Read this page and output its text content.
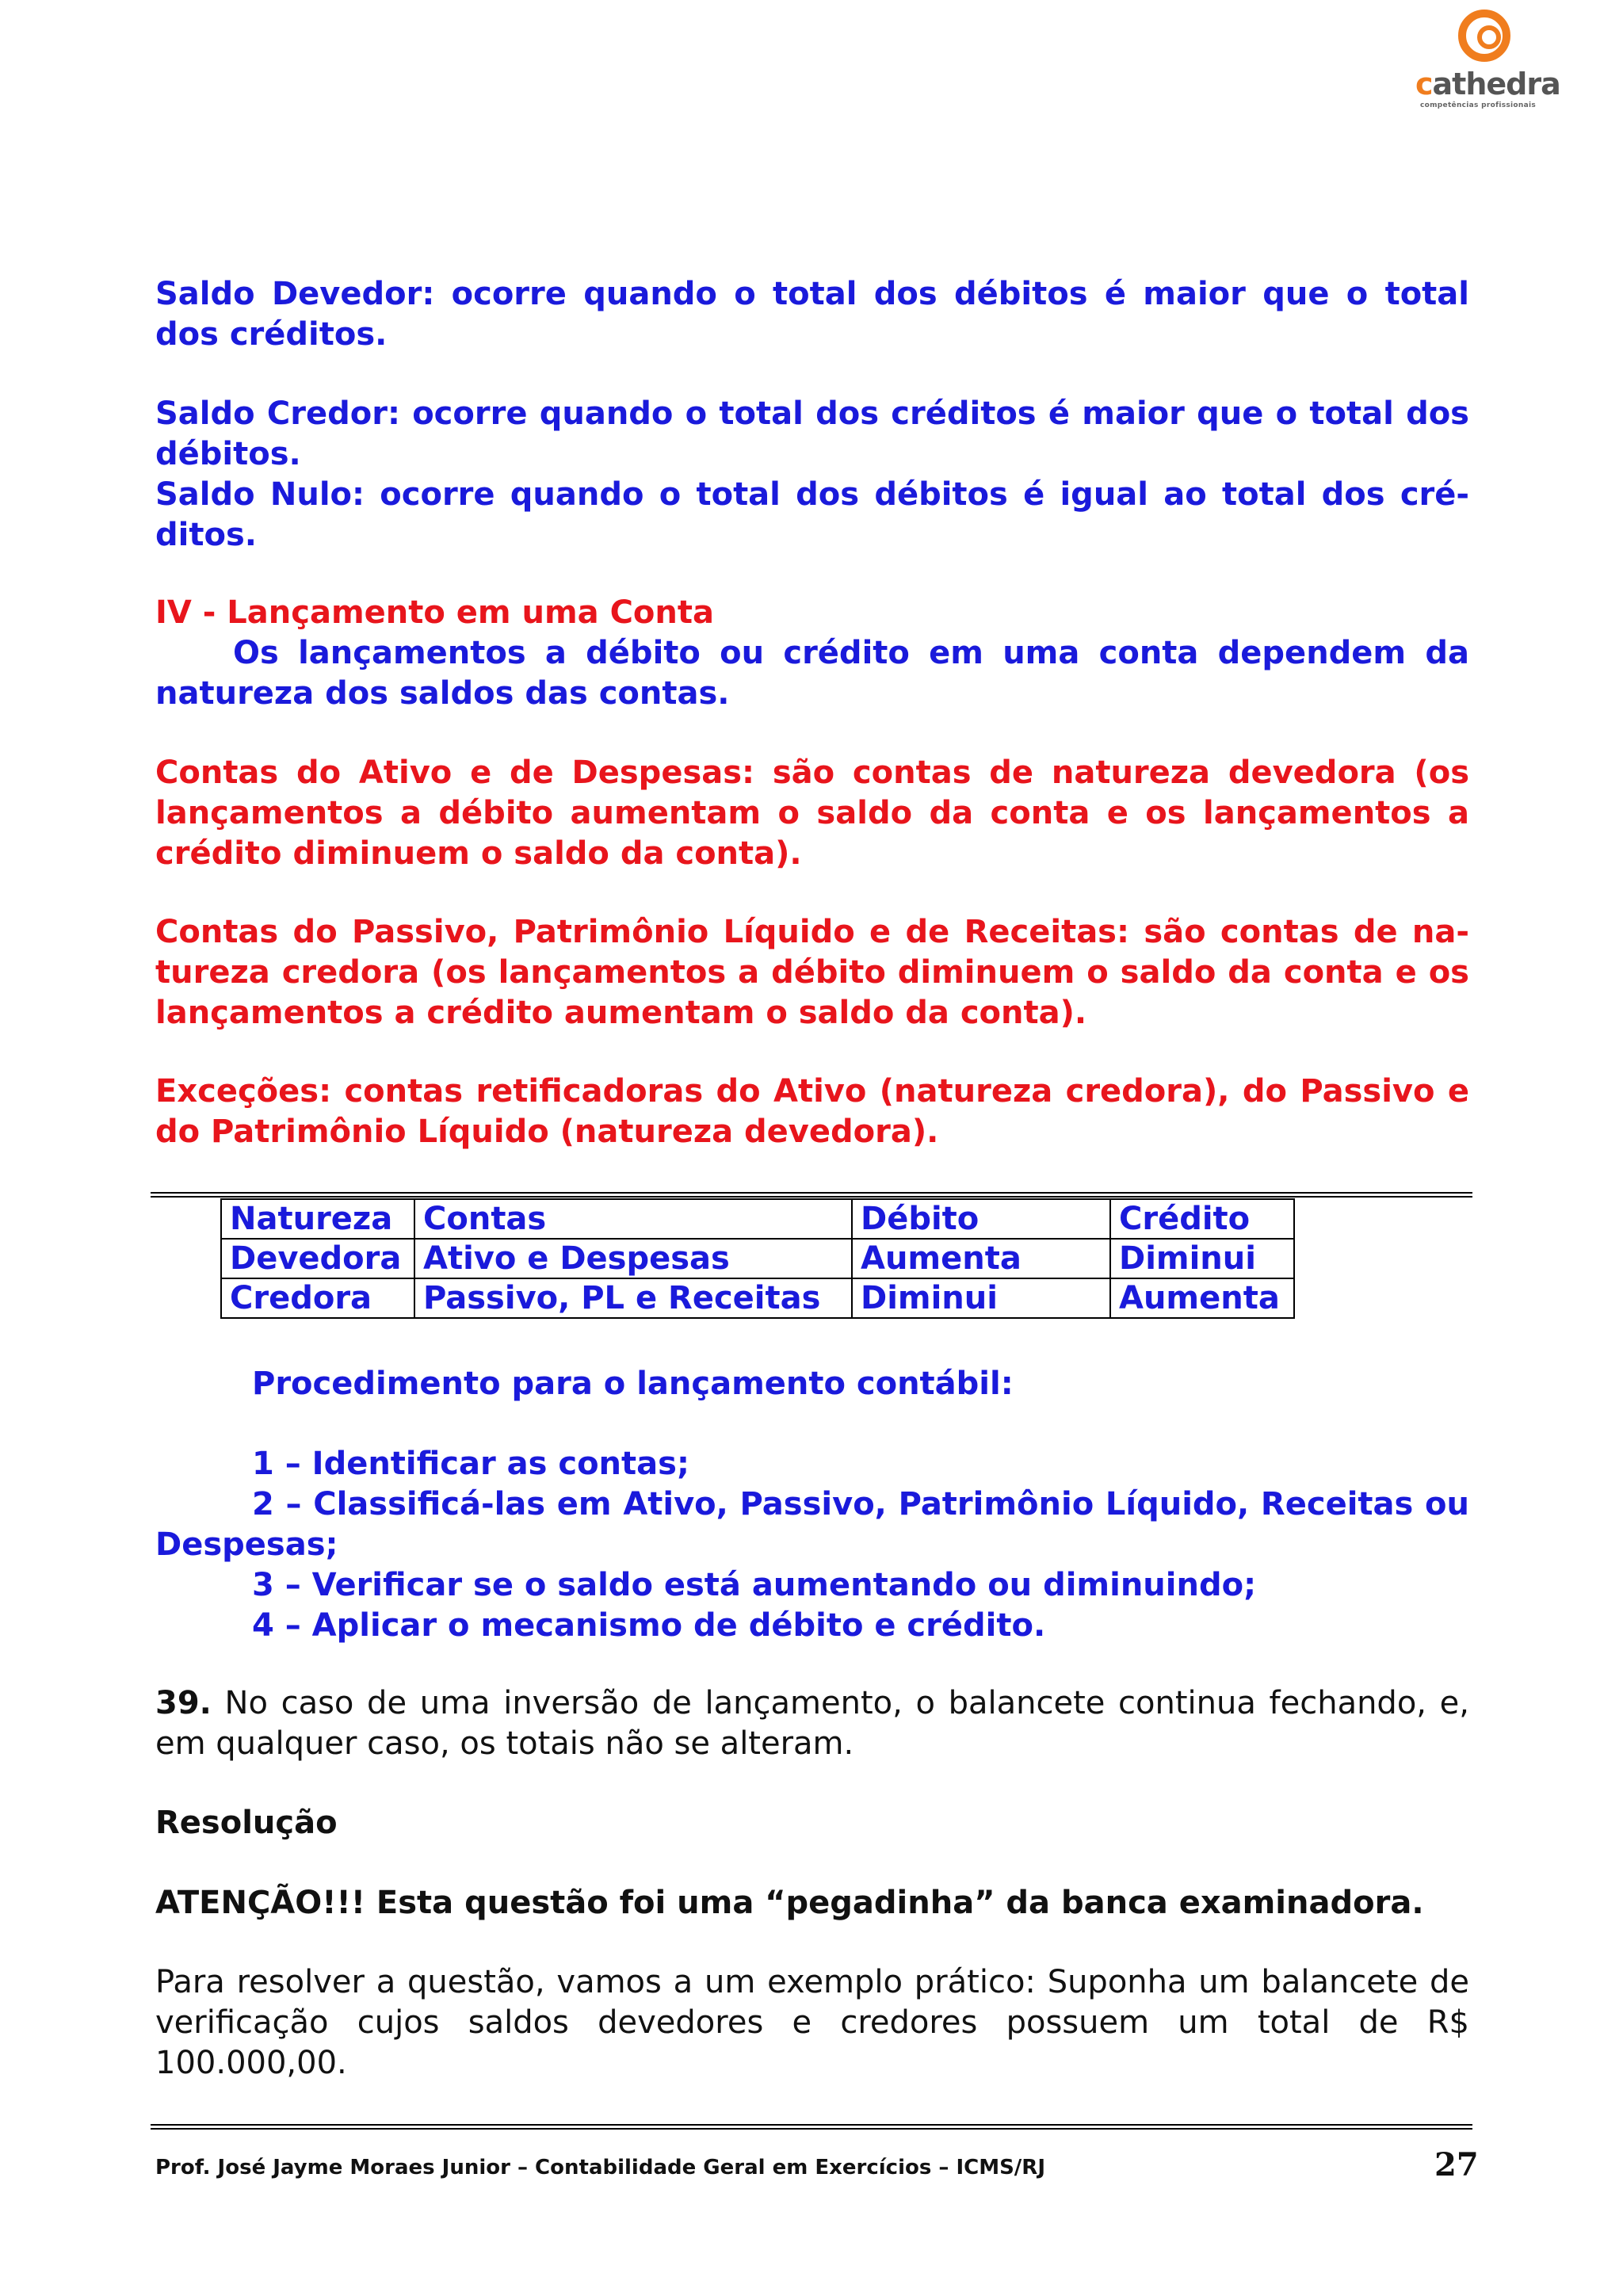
cathedra
competências profissionais

Saldo Devedor: ocorre quando o total dos débitos é maior que o total dos créditos.

Saldo Credor: ocorre quando o total dos créditos é maior que o total dos débitos.

Saldo Nulo: ocorre quando o total dos débitos é igual ao total dos cré- ditos.

IV - Lançamento em uma Conta

Os lançamentos a débito ou crédito em uma conta dependem da natureza dos saldos das contas.

Contas do Ativo e de Despesas: são contas de natureza devedora (os lançamentos a débito aumentam o saldo da conta e os lançamentos a crédito diminuem o saldo da conta).

Contas do Passivo, Patrimônio Líquido e de Receitas: são contas de na- tureza credora (os lançamentos a débito diminuem o saldo da conta e os lançamentos a crédito aumentam o saldo da conta).

Exceções: contas retificadoras do Ativo (natureza credora), do Passivo e do Patrimônio Líquido (natureza devedora).

Natureza	Contas	Débito	Crédito
Devedora	Ativo e Despesas	Aumenta	Diminui
Credora	Passivo, PL e Receitas	Diminui	Aumenta

Procedimento para o lançamento contábil:

1 – Identificar as contas;

2 – Classificá-las em Ativo, Passivo, Patrimônio Líquido, Receitas ou Despesas;

3 – Verificar se o saldo está aumentando ou diminuindo;

4 – Aplicar o mecanismo de débito e crédito.

39. No caso de uma inversão de lançamento, o balancete continua fechando, e, em qualquer caso, os totais não se alteram.

Resolução

ATENÇÃO!!! Esta questão foi uma “pegadinha” da banca examinadora.

Para resolver a questão, vamos a um exemplo prático: Suponha um balancete de verificação cujos saldos devedores e credores possuem um total de R$ 100.000,00.

Prof. José Jayme Moraes Junior – Contabilidade Geral em Exercícios – ICMS/RJ	27
